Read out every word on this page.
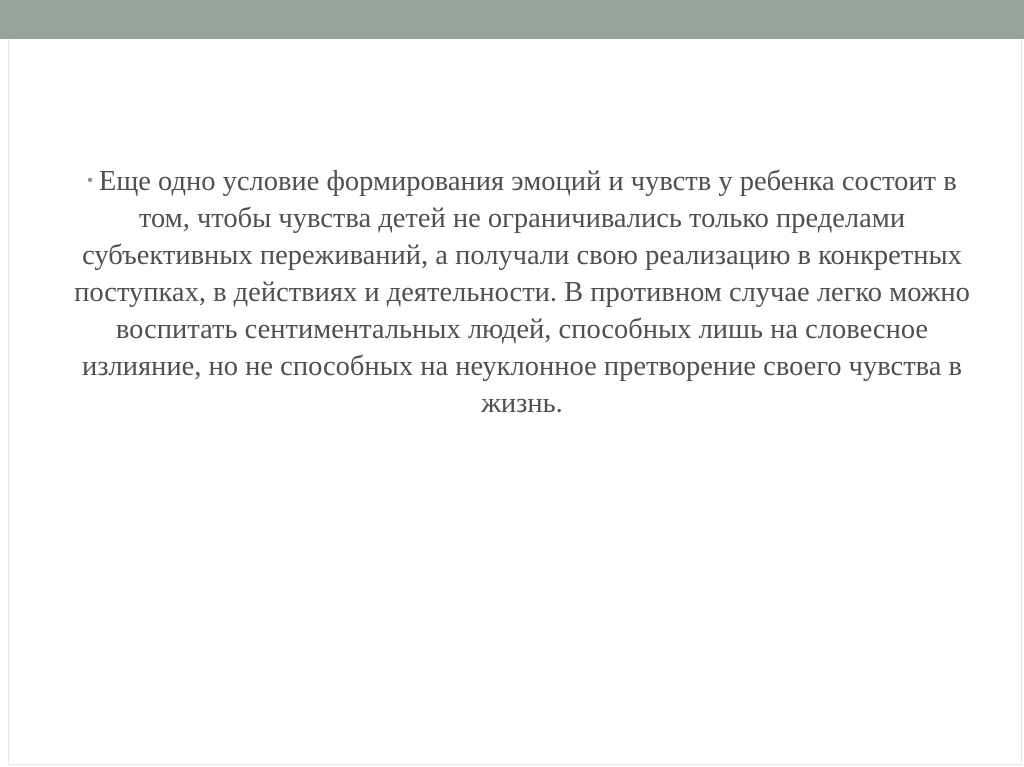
• Еще одно условие формирования эмоций и чувств у ребенка состоит в том, чтобы чувства детей не ограничивались только пределами субъективных переживаний, а получали свою реализацию в конкретных поступках, в действиях и деятельности. В противном случае легко можно воспитать сентиментальных людей, способных лишь на словесное излияние, но не способных на неуклонное претворение своего чувства в жизнь.
